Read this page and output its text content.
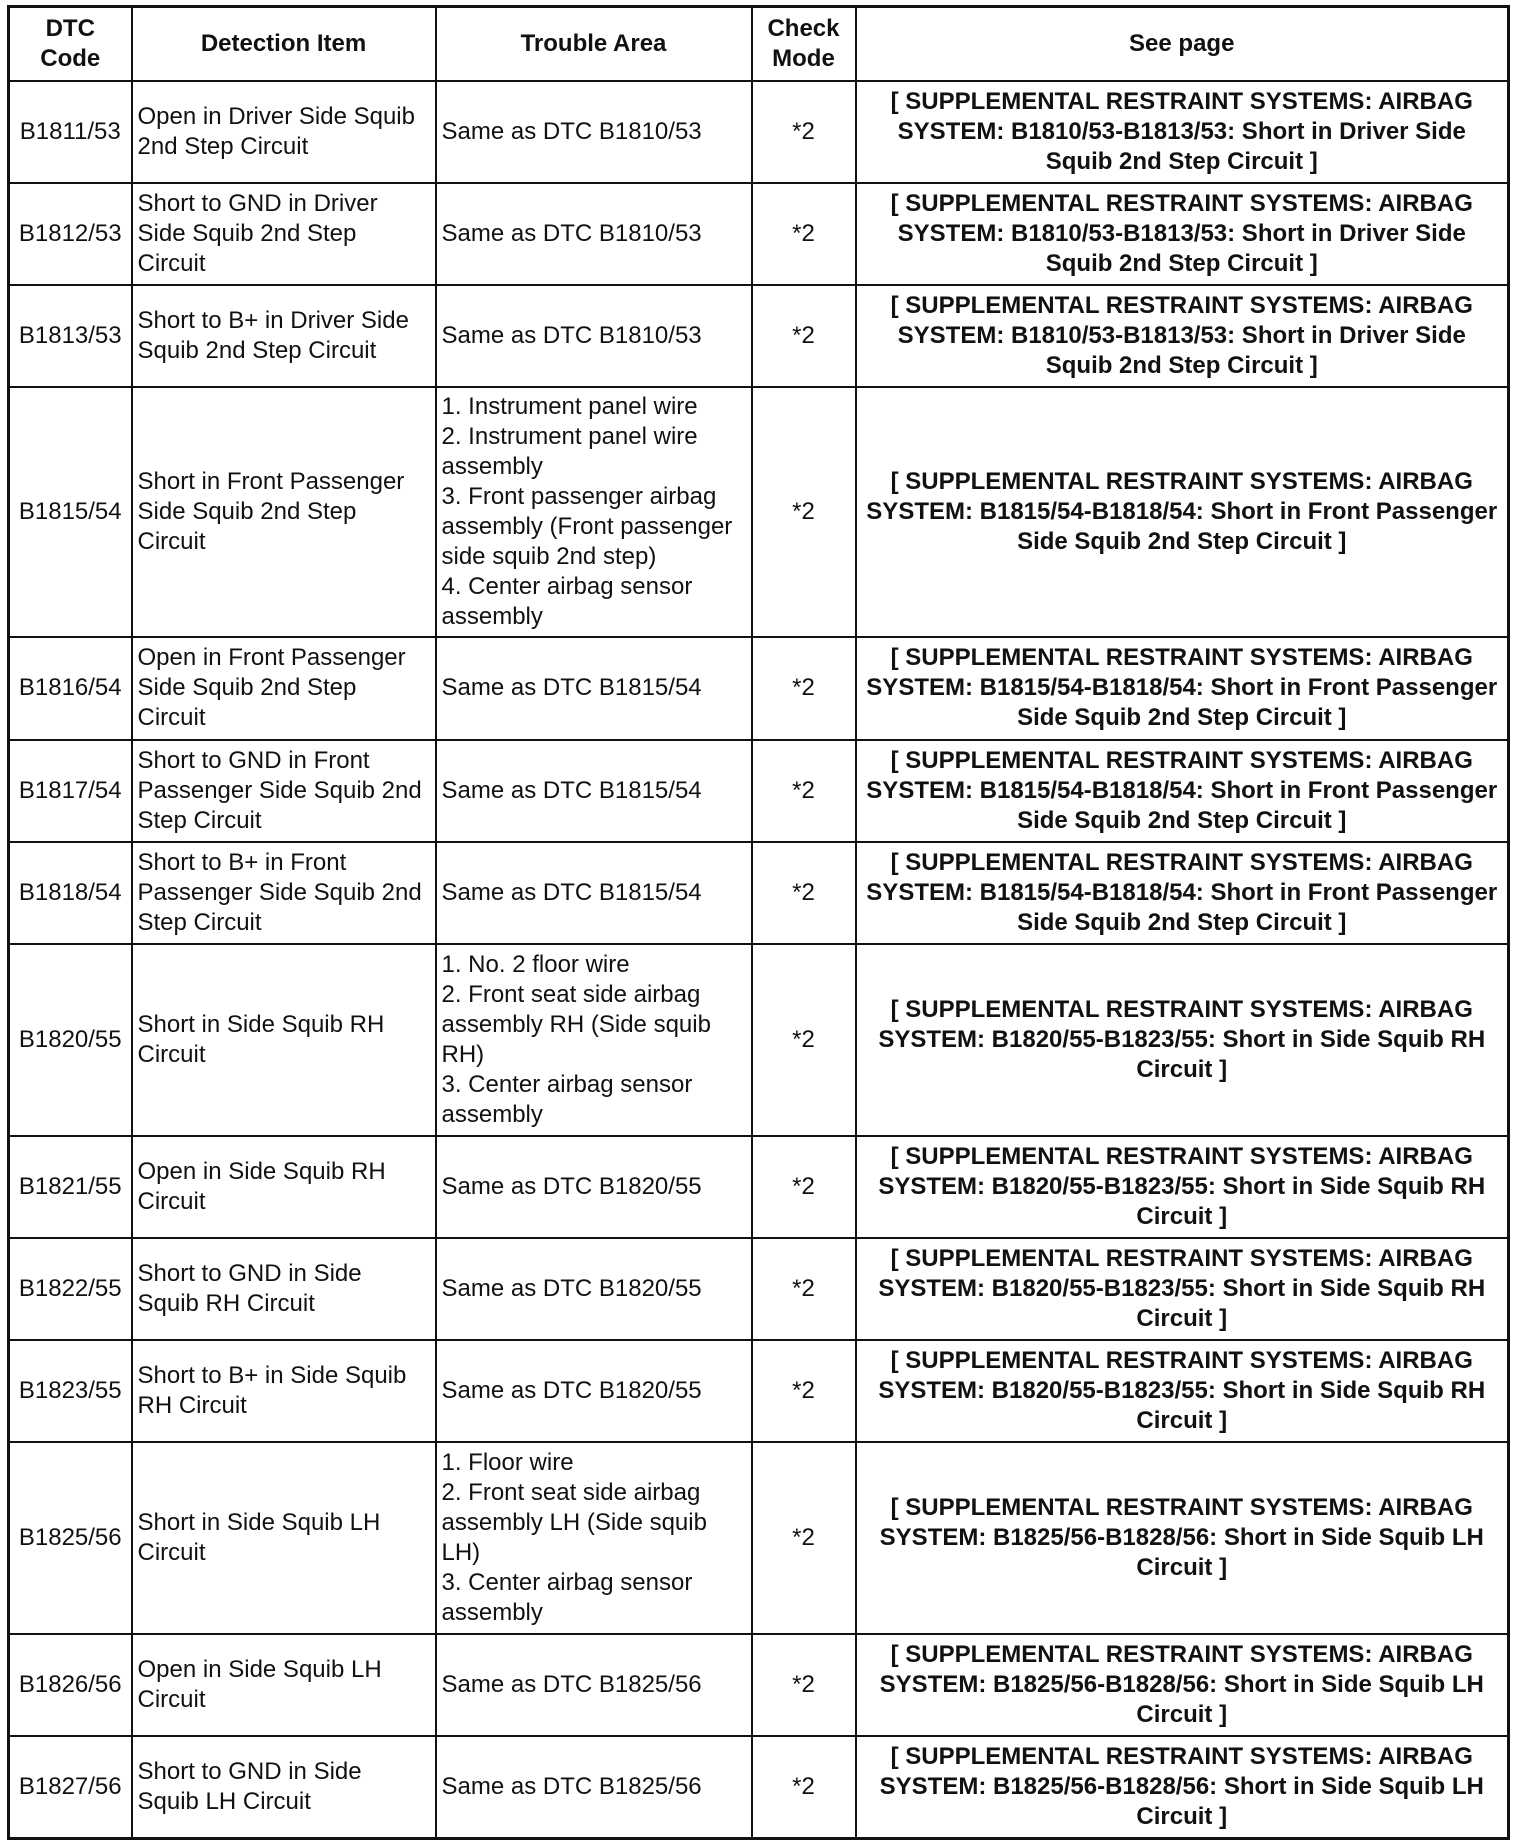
DTC Code	Detection Item	Trouble Area	Check Mode	See page
B1811/53	Open in Driver Side Squib 2nd Step Circuit	Same as DTC B1810/53	*2	[ SUPPLEMENTAL RESTRAINT SYSTEMS: AIRBAG SYSTEM: B1810/53-B1813/53: Short in Driver Side Squib 2nd Step Circuit ]
B1812/53	Short to GND in Driver Side Squib 2nd Step Circuit	Same as DTC B1810/53	*2	[ SUPPLEMENTAL RESTRAINT SYSTEMS: AIRBAG SYSTEM: B1810/53-B1813/53: Short in Driver Side Squib 2nd Step Circuit ]
B1813/53	Short to B+ in Driver Side Squib 2nd Step Circuit	Same as DTC B1810/53	*2	[ SUPPLEMENTAL RESTRAINT SYSTEMS: AIRBAG SYSTEM: B1810/53-B1813/53: Short in Driver Side Squib 2nd Step Circuit ]
B1815/54	Short in Front Passenger Side Squib 2nd Step Circuit	1. Instrument panel wire
2. Instrument panel wire assembly
3. Front passenger airbag assembly (Front passenger side squib 2nd step)
4. Center airbag sensor assembly	*2	[ SUPPLEMENTAL RESTRAINT SYSTEMS: AIRBAG SYSTEM: B1815/54-B1818/54: Short in Front Passenger Side Squib 2nd Step Circuit ]
B1816/54	Open in Front Passenger Side Squib 2nd Step Circuit	Same as DTC B1815/54	*2	[ SUPPLEMENTAL RESTRAINT SYSTEMS: AIRBAG SYSTEM: B1815/54-B1818/54: Short in Front Passenger Side Squib 2nd Step Circuit ]
B1817/54	Short to GND in Front Passenger Side Squib 2nd Step Circuit	Same as DTC B1815/54	*2	[ SUPPLEMENTAL RESTRAINT SYSTEMS: AIRBAG SYSTEM: B1815/54-B1818/54: Short in Front Passenger Side Squib 2nd Step Circuit ]
B1818/54	Short to B+ in Front Passenger Side Squib 2nd Step Circuit	Same as DTC B1815/54	*2	[ SUPPLEMENTAL RESTRAINT SYSTEMS: AIRBAG SYSTEM: B1815/54-B1818/54: Short in Front Passenger Side Squib 2nd Step Circuit ]
B1820/55	Short in Side Squib RH Circuit	1. No. 2 floor wire
2. Front seat side airbag assembly RH (Side squib RH)
3. Center airbag sensor assembly	*2	[ SUPPLEMENTAL RESTRAINT SYSTEMS: AIRBAG SYSTEM: B1820/55-B1823/55: Short in Side Squib RH Circuit ]
B1821/55	Open in Side Squib RH Circuit	Same as DTC B1820/55	*2	[ SUPPLEMENTAL RESTRAINT SYSTEMS: AIRBAG SYSTEM: B1820/55-B1823/55: Short in Side Squib RH Circuit ]
B1822/55	Short to GND in Side Squib RH Circuit	Same as DTC B1820/55	*2	[ SUPPLEMENTAL RESTRAINT SYSTEMS: AIRBAG SYSTEM: B1820/55-B1823/55: Short in Side Squib RH Circuit ]
B1823/55	Short to B+ in Side Squib RH Circuit	Same as DTC B1820/55	*2	[ SUPPLEMENTAL RESTRAINT SYSTEMS: AIRBAG SYSTEM: B1820/55-B1823/55: Short in Side Squib RH Circuit ]
B1825/56	Short in Side Squib LH Circuit	1. Floor wire
2. Front seat side airbag assembly LH (Side squib LH)
3. Center airbag sensor assembly	*2	[ SUPPLEMENTAL RESTRAINT SYSTEMS: AIRBAG SYSTEM: B1825/56-B1828/56: Short in Side Squib LH Circuit ]
B1826/56	Open in Side Squib LH Circuit	Same as DTC B1825/56	*2	[ SUPPLEMENTAL RESTRAINT SYSTEMS: AIRBAG SYSTEM: B1825/56-B1828/56: Short in Side Squib LH Circuit ]
B1827/56	Short to GND in Side Squib LH Circuit	Same as DTC B1825/56	*2	[ SUPPLEMENTAL RESTRAINT SYSTEMS: AIRBAG SYSTEM: B1825/56-B1828/56: Short in Side Squib LH Circuit ]
